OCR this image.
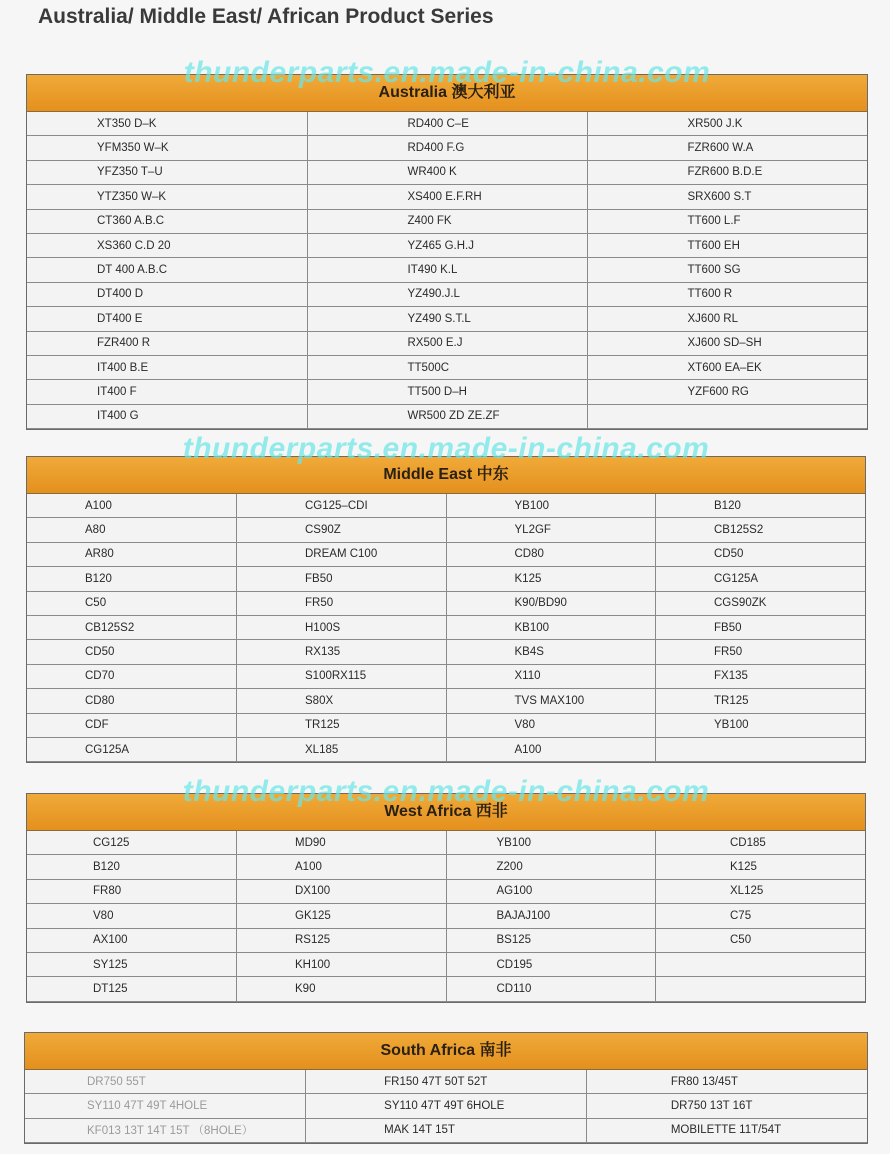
Australia/ Middle East/ African Product Series
thunderparts.en.made-in-china.com
Australia 澳大利亚
XT350 D–K	RD400 C–E	XR500 J.K
YFM350 W–K	RD400 F.G	FZR600 W.A
YFZ350 T–U	WR400 K	FZR600 B.D.E
YTZ350 W–K	XS400 E.F.RH	SRX600 S.T
CT360 A.B.C	Z400 FK	TT600 L.F
XS360 C.D 20	YZ465 G.H.J	TT600 EH
DT 400 A.B.C	IT490 K.L	TT600 SG
DT400 D	YZ490.J.L	TT600 R
DT400 E	YZ490 S.T.L	XJ600 RL
FZR400 R	RX500 E.J	XJ600 SD–SH
IT400 B.E	TT500C	XT600 EA–EK
IT400 F	TT500 D–H	YZF600 RG
IT400 G	WR500 ZD ZE.ZF	
thunderparts.en.made-in-china.com
Middle East 中东
A100	CG125–CDI	YB100	B120
A80	CS90Z	YL2GF	CB125S2
AR80	DREAM C100	CD80	CD50
B120	FB50	K125	CG125A
C50	FR50	K90/BD90	CGS90ZK
CB125S2	H100S	KB100	FB50
CD50	RX135	KB4S	FR50
CD70	S100RX115	X110	FX135
CD80	S80X	TVS MAX100	TR125
CDF	TR125	V80	YB100
CG125A	XL185	A100	
thunderparts.en.made-in-china.com
West Africa 西非
CG125	MD90	YB100	CD185
B120	A100	Z200	K125
FR80	DX100	AG100	XL125
V80	GK125	BAJAJ100	C75
AX100	RS125	BS125	C50
SY125	KH100	CD195	
DT125	K90	CD110	
South Africa 南非
DR750 55T	FR150 47T 50T 52T	FR80 13/45T
SY110 47T 49T 4HOLE	SY110 47T 49T 6HOLE	DR750 13T 16T
KF013 13T 14T 15T （8HOLE）	MAK 14T 15T	MOBILETTE 11T/54T
